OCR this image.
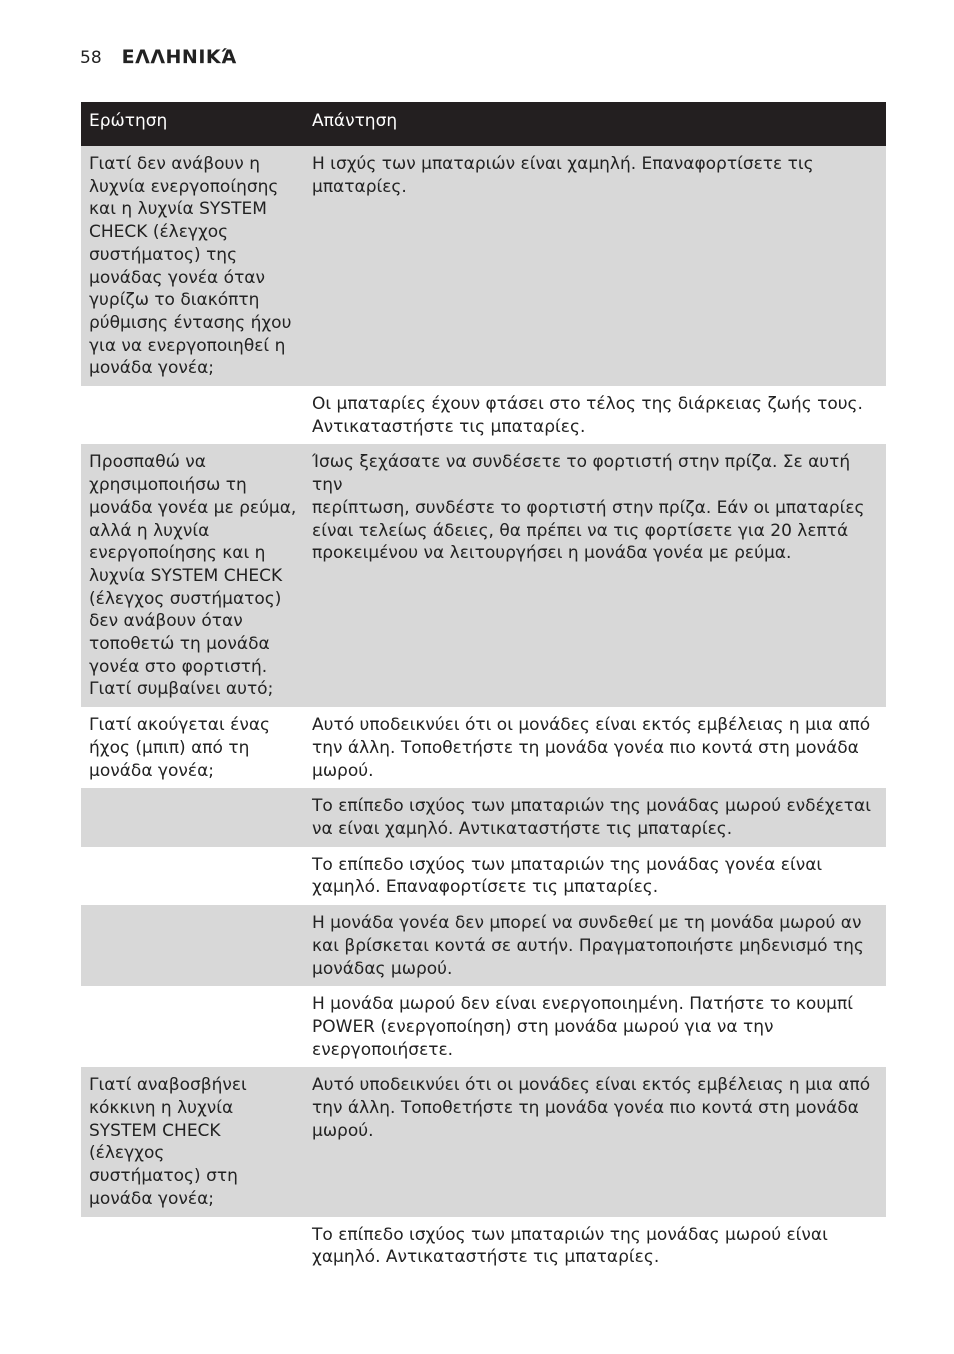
58 ΕΛΛΗΝΙΚΆ
Ερώτηση	Απάντηση
Γιατί δεν ανάβουν η
λυχνία ενεργοποίησης
και η λυχνία SYSTEM
CHECK (έλεγχος
συστήματος) της
μονάδας γονέα όταν
γυρίζω το διακόπτη
ρύθμισης έντασης ήχου
για να ενεργοποιηθεί η
μονάδα γονέα;
Η ισχύς των μπαταριών είναι χαμηλή. Επαναφορτίσετε τις
μπαταρίες.
Οι μπαταρίες έχουν φτάσει στο τέλος της διάρκειας ζωής τους.
Αντικαταστήστε τις μπαταρίες.
Προσπαθώ να
χρησιμοποιήσω τη
μονάδα γονέα με ρεύμα,
αλλά η λυχνία
ενεργοποίησης και η
λυχνία SYSTEM CHECK
(έλεγχος συστήματος)
δεν ανάβουν όταν
τοποθετώ τη μονάδα
γονέα στο φορτιστή.
Γιατί συμβαίνει αυτό;
Ίσως ξεχάσατε να συνδέσετε το φορτιστή στην πρίζα. Σε αυτή την
περίπτωση, συνδέστε το φορτιστή στην πρίζα. Εάν οι μπαταρίες
είναι τελείως άδειες, θα πρέπει να τις φορτίσετε για 20 λεπτά
προκειμένου να λειτουργήσει η μονάδα γονέα με ρεύμα.
Γιατί ακούγεται ένας
ήχος (μπιπ) από τη
μονάδα γονέα;
Αυτό υποδεικνύει ότι οι μονάδες είναι εκτός εμβέλειας η μια από
την άλλη. Τοποθετήστε τη μονάδα γονέα πιο κοντά στη μονάδα
μωρού.
Το επίπεδο ισχύος των μπαταριών της μονάδας μωρού ενδέχεται
να είναι χαμηλό. Αντικαταστήστε τις μπαταρίες.
Το επίπεδο ισχύος των μπαταριών της μονάδας γονέα είναι
χαμηλό. Επαναφορτίσετε τις μπαταρίες.
Η μονάδα γονέα δεν μπορεί να συνδεθεί με τη μονάδα μωρού αν
και βρίσκεται κοντά σε αυτήν. Πραγματοποιήστε μηδενισμό της
μονάδας μωρού.
Η μονάδα μωρού δεν είναι ενεργοποιημένη. Πατήστε το κουμπί
POWER (ενεργοποίηση) στη μονάδα μωρού για να την
ενεργοποιήσετε.
Γιατί αναβοσβήνει
κόκκινη η λυχνία
SYSTEM CHECK
(έλεγχος
συστήματος) στη
μονάδα γονέα;
Αυτό υποδεικνύει ότι οι μονάδες είναι εκτός εμβέλειας η μια από
την άλλη. Τοποθετήστε τη μονάδα γονέα πιο κοντά στη μονάδα
μωρού.
Το επίπεδο ισχύος των μπαταριών της μονάδας μωρού είναι
χαμηλό. Αντικαταστήστε τις μπαταρίες.
